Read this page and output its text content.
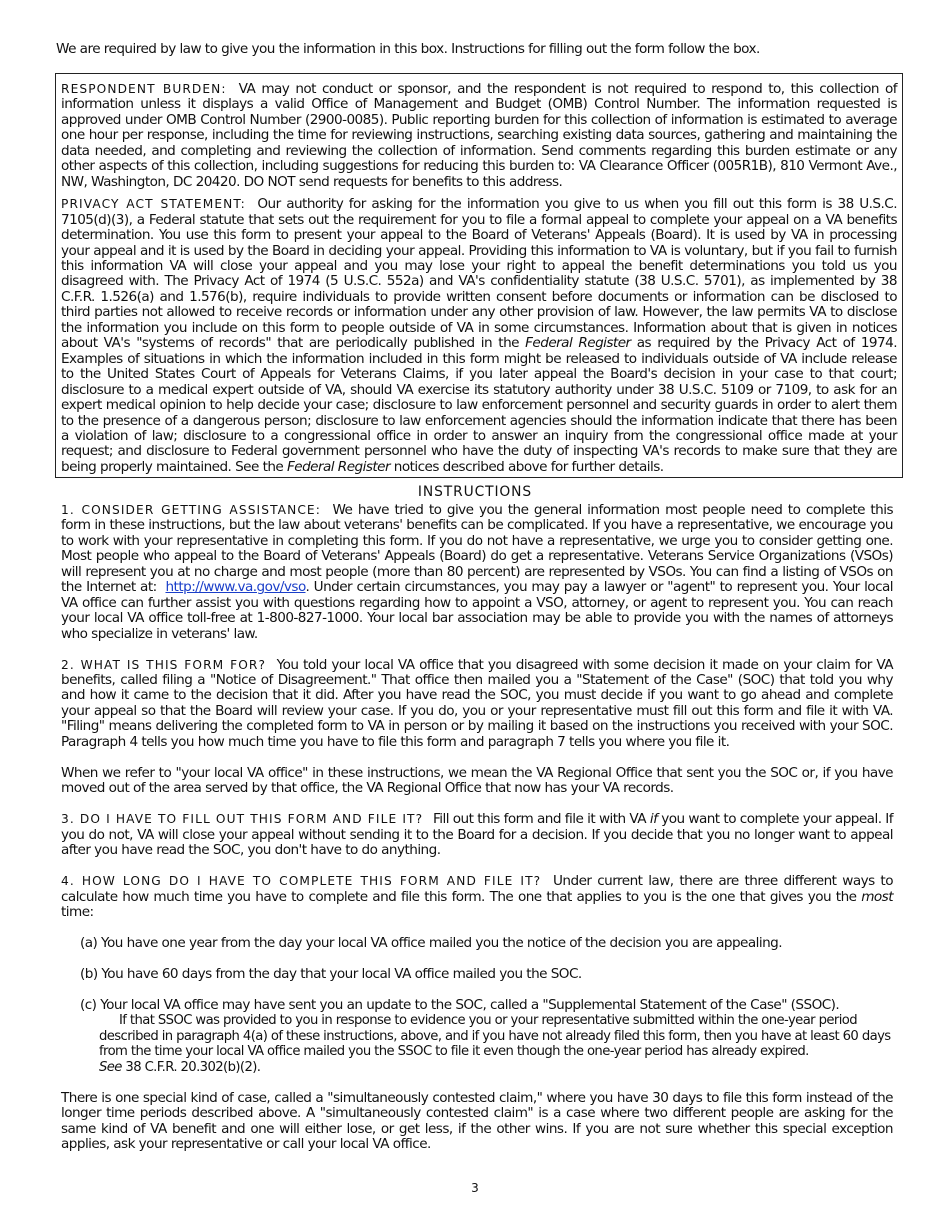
We are required by law to give you the information in this box. Instructions for filling out the form follow the box.

RESPONDENT BURDEN: VA may not conduct or sponsor, and the respondent is not required to respond to, this collection of information unless it displays a valid Office of Management and Budget (OMB) Control Number. The information requested is approved under OMB Control Number (2900-0085). Public reporting burden for this collection of information is estimated to average one hour per response, including the time for reviewing instructions, searching existing data sources, gathering and maintaining the data needed, and completing and reviewing the collection of information. Send comments regarding this burden estimate or any other aspects of this collection, including suggestions for reducing this burden to: VA Clearance Officer (005R1B), 810 Vermont Ave., NW, Washington, DC 20420. DO NOT send requests for benefits to this address.

PRIVACY ACT STATEMENT: Our authority for asking for the information you give to us when you fill out this form is 38 U.S.C. 7105(d)(3), a Federal statute that sets out the requirement for you to file a formal appeal to complete your appeal on a VA benefits determination. You use this form to present your appeal to the Board of Veterans' Appeals (Board). It is used by VA in processing your appeal and it is used by the Board in deciding your appeal. Providing this information to VA is voluntary, but if you fail to furnish this information VA will close your appeal and you may lose your right to appeal the benefit determinations you told us you disagreed with. The Privacy Act of 1974 (5 U.S.C. 552a) and VA's confidentiality statute (38 U.S.C. 5701), as implemented by 38 C.F.R. 1.526(a) and 1.576(b), require individuals to provide written consent before documents or information can be disclosed to third parties not allowed to receive records or information under any other provision of law. However, the law permits VA to disclose the information you include on this form to people outside of VA in some circumstances. Information about that is given in notices about VA's "systems of records" that are periodically published in the Federal Register as required by the Privacy Act of 1974. Examples of situations in which the information included in this form might be released to individuals outside of VA include release to the United States Court of Appeals for Veterans Claims, if you later appeal the Board's decision in your case to that court; disclosure to a medical expert outside of VA, should VA exercise its statutory authority under 38 U.S.C. 5109 or 7109, to ask for an expert medical opinion to help decide your case; disclosure to law enforcement personnel and security guards in order to alert them to the presence of a dangerous person; disclosure to law enforcement agencies should the information indicate that there has been a violation of law; disclosure to a congressional office in order to answer an inquiry from the congressional office made at your request; and disclosure to Federal government personnel who have the duty of inspecting VA's records to make sure that they are being properly maintained. See the Federal Register notices described above for further details.

INSTRUCTIONS

1. CONSIDER GETTING ASSISTANCE: We have tried to give you the general information most people need to complete this form in these instructions, but the law about veterans' benefits can be complicated. If you have a representative, we encourage you to work with your representative in completing this form. If you do not have a representative, we urge you to consider getting one. Most people who appeal to the Board of Veterans' Appeals (Board) do get a representative. Veterans Service Organizations (VSOs) will represent you at no charge and most people (more than 80 percent) are represented by VSOs. You can find a listing of VSOs on the Internet at: http://www.va.gov/vso. Under certain circumstances, you may pay a lawyer or "agent" to represent you. Your local VA office can further assist you with questions regarding how to appoint a VSO, attorney, or agent to represent you. You can reach your local VA office toll-free at 1-800-827-1000. Your local bar association may be able to provide you with the names of attorneys who specialize in veterans' law.

2. WHAT IS THIS FORM FOR? You told your local VA office that you disagreed with some decision it made on your claim for VA benefits, called filing a "Notice of Disagreement." That office then mailed you a "Statement of the Case" (SOC) that told you why and how it came to the decision that it did. After you have read the SOC, you must decide if you want to go ahead and complete your appeal so that the Board will review your case. If you do, you or your representative must fill out this form and file it with VA. "Filing" means delivering the completed form to VA in person or by mailing it based on the instructions you received with your SOC. Paragraph 4 tells you how much time you have to file this form and paragraph 7 tells you where you file it.

When we refer to "your local VA office" in these instructions, we mean the VA Regional Office that sent you the SOC or, if you have moved out of the area served by that office, the VA Regional Office that now has your VA records.

3. DO I HAVE TO FILL OUT THIS FORM AND FILE IT? Fill out this form and file it with VA if you want to complete your appeal. If you do not, VA will close your appeal without sending it to the Board for a decision. If you decide that you no longer want to appeal after you have read the SOC, you don't have to do anything.

4. HOW LONG DO I HAVE TO COMPLETE THIS FORM AND FILE IT? Under current law, there are three different ways to calculate how much time you have to complete and file this form. The one that applies to you is the one that gives you the most time:

(a) You have one year from the day your local VA office mailed you the notice of the decision you are appealing.

(b) You have 60 days from the day that your local VA office mailed you the SOC.

(c) Your local VA office may have sent you an update to the SOC, called a "Supplemental Statement of the Case" (SSOC).
If that SSOC was provided to you in response to evidence you or your representative submitted within the one-year period described in paragraph 4(a) of these instructions, above, and if you have not already filed this form, then you have at least 60 days from the time your local VA office mailed you the SSOC to file it even though the one-year period has already expired.
See 38 C.F.R. 20.302(b)(2).

There is one special kind of case, called a "simultaneously contested claim," where you have 30 days to file this form instead of the longer time periods described above. A "simultaneously contested claim" is a case where two different people are asking for the same kind of VA benefit and one will either lose, or get less, if the other wins. If you are not sure whether this special exception applies, ask your representative or call your local VA office.

3
